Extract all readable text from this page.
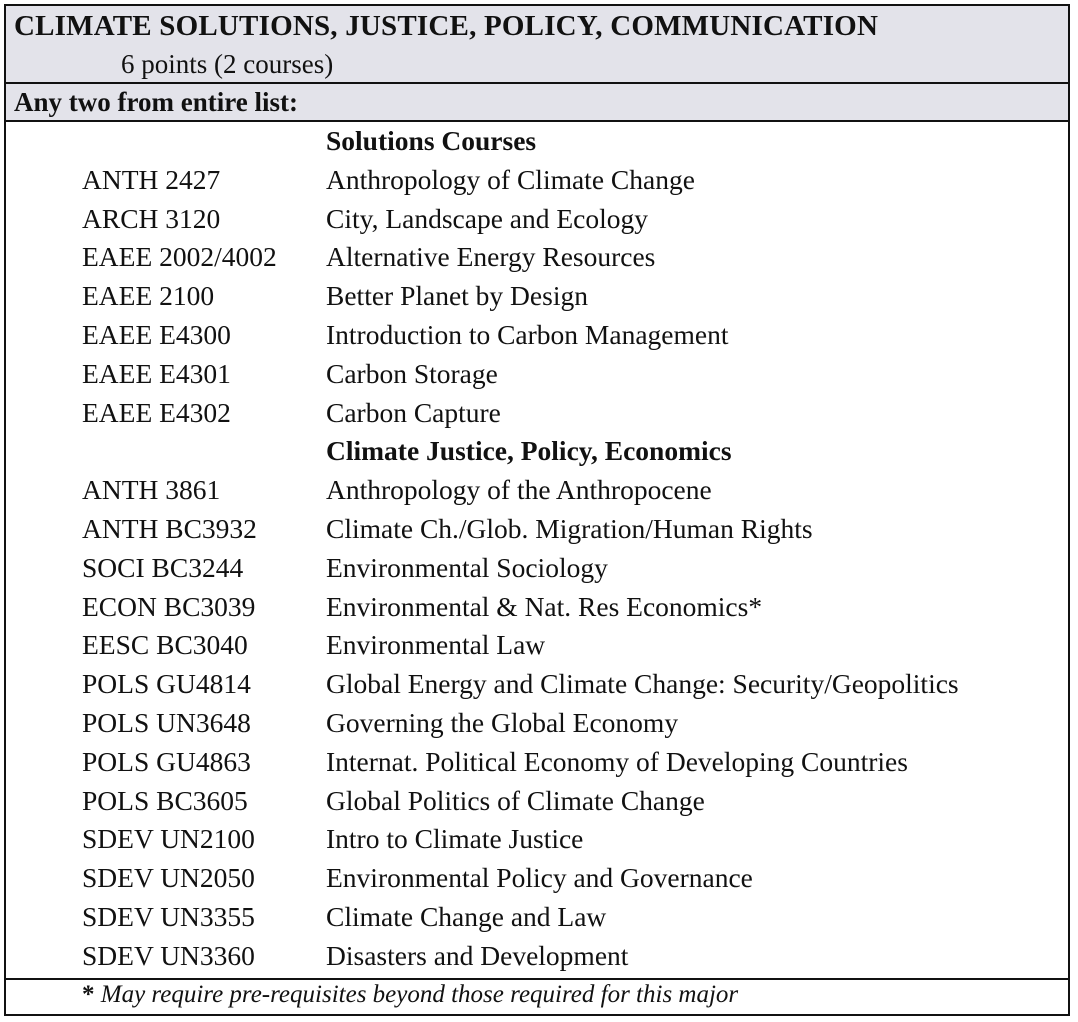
CLIMATE SOLUTIONS, JUSTICE, POLICY, COMMUNICATION
6 points (2 courses)
Any two from entire list:
Solutions Courses
ANTH 2427	Anthropology of Climate Change
ARCH 3120	City, Landscape and Ecology
EAEE 2002/4002 Alternative Energy Resources
EAEE 2100	Better Planet by Design
EAEE E4300	Introduction to Carbon Management
EAEE E4301	Carbon Storage
EAEE E4302	Carbon Capture
Climate Justice, Policy, Economics
ANTH 3861	Anthropology of the Anthropocene
ANTH BC3932	Climate Ch./Glob. Migration/Human Rights
SOCI BC3244	Environmental Sociology
ECON BC3039	Environmental & Nat. Res Economics*
EESC BC3040	Environmental Law
POLS GU4814	Global Energy and Climate Change: Security/Geopolitics
POLS UN3648	Governing the Global Economy
POLS GU4863	Internat. Political Economy of Developing Countries
POLS BC3605	Global Politics of Climate Change
SDEV UN2100	Intro to Climate Justice
SDEV UN2050	Environmental Policy and Governance
SDEV UN3355	Climate Change and Law
SDEV UN3360	Disasters and Development
* May require pre-requisites beyond those required for this major
